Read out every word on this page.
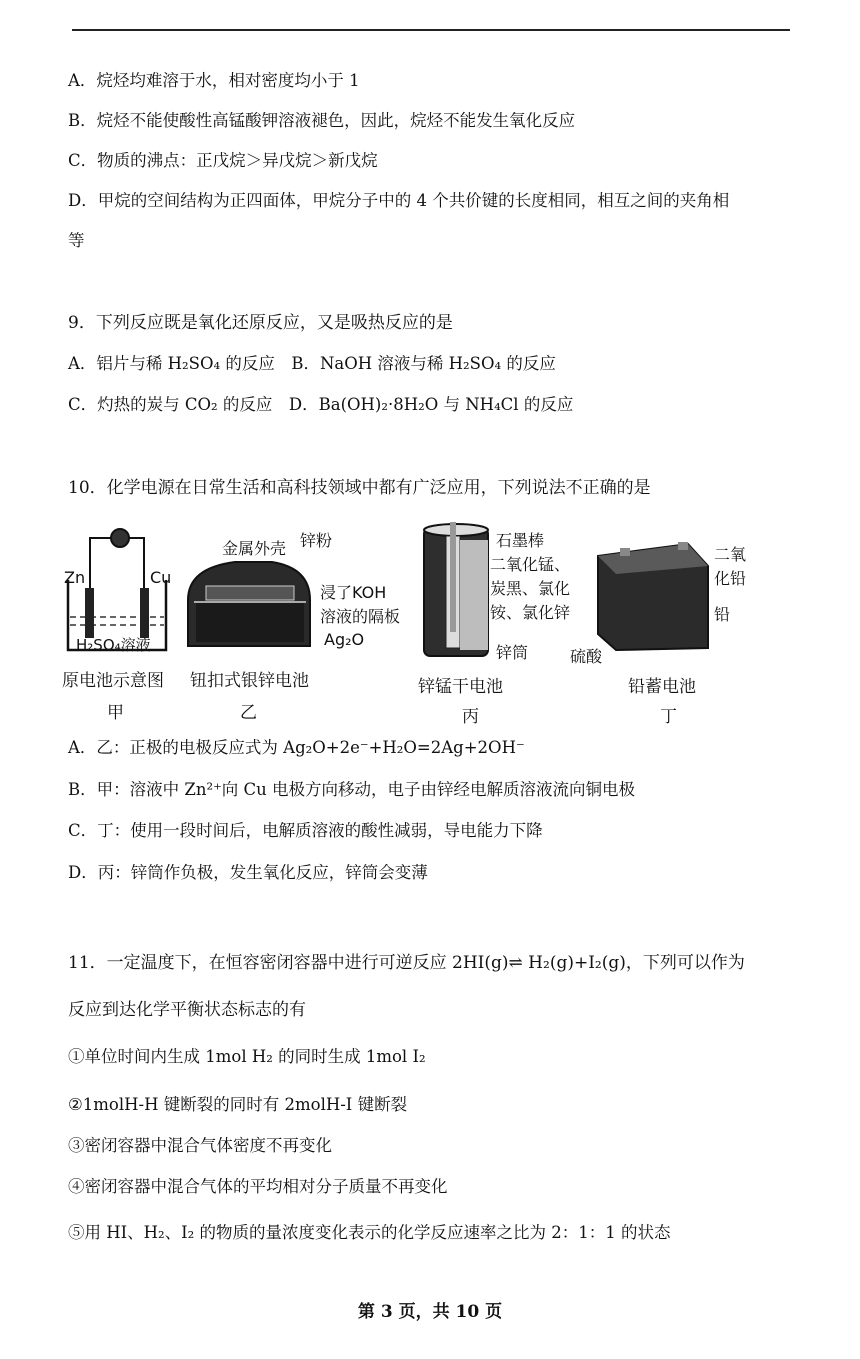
A．烷烃均难溶于水，相对密度均小于 1
B．烷烃不能使酸性高锰酸钾溶液褪色，因此，烷烃不能发生氧化反应
C．物质的沸点：正戊烷＞异戊烷＞新戊烷
D．甲烷的空间结构为正四面体，甲烷分子中的 4 个共价键的长度相同，相互之间的夹角相
等
9．下列反应既是氧化还原反应，又是吸热反应的是
A．铝片与稀 H₂SO₄ 的反应　B．NaOH 溶液与稀 H₂SO₄ 的反应
C．灼热的炭与 CO₂ 的反应　D．Ba(OH)₂·8H₂O 与 NH₄Cl 的反应
10．化学电源在日常生活和高科技领域中都有广泛应用，下列说法不正确的是
Zn	Cu
H₂SO₄溶液
原电池示意图
甲
金属外壳 锌粉
浸了KOH
溶液的隔板
Ag₂O
钮扣式银锌电池
乙
石墨棒
二氧化锰、
炭黑、氯化
铵、氯化锌
锌筒
锌锰干电池
丙
二氧
化铅
铅
硫酸
铅蓄电池
丁
A．乙：正极的电极反应式为 Ag₂O+2e⁻+H₂O=2Ag+2OH⁻
B．甲：溶液中 Zn²⁺向 Cu 电极方向移动，电子由锌经电解质溶液流向铜电极
C．丁：使用一段时间后，电解质溶液的酸性减弱，导电能力下降
D．丙：锌筒作负极，发生氧化反应，锌筒会变薄
11．一定温度下，在恒容密闭容器中进行可逆反应 2HI(g)⇌ H₂(g)+I₂(g)，下列可以作为
反应到达化学平衡状态标志的有
①单位时间内生成 1mol H₂ 的同时生成 1mol I₂
②1molH-H 键断裂的同时有 2molH-I 键断裂
③密闭容器中混合气体密度不再变化
④密闭容器中混合气体的平均相对分子质量不再变化
⑤用 HI、H₂、I₂ 的物质的量浓度变化表示的化学反应速率之比为 2：1：1 的状态
第 3 页，共 10 页
